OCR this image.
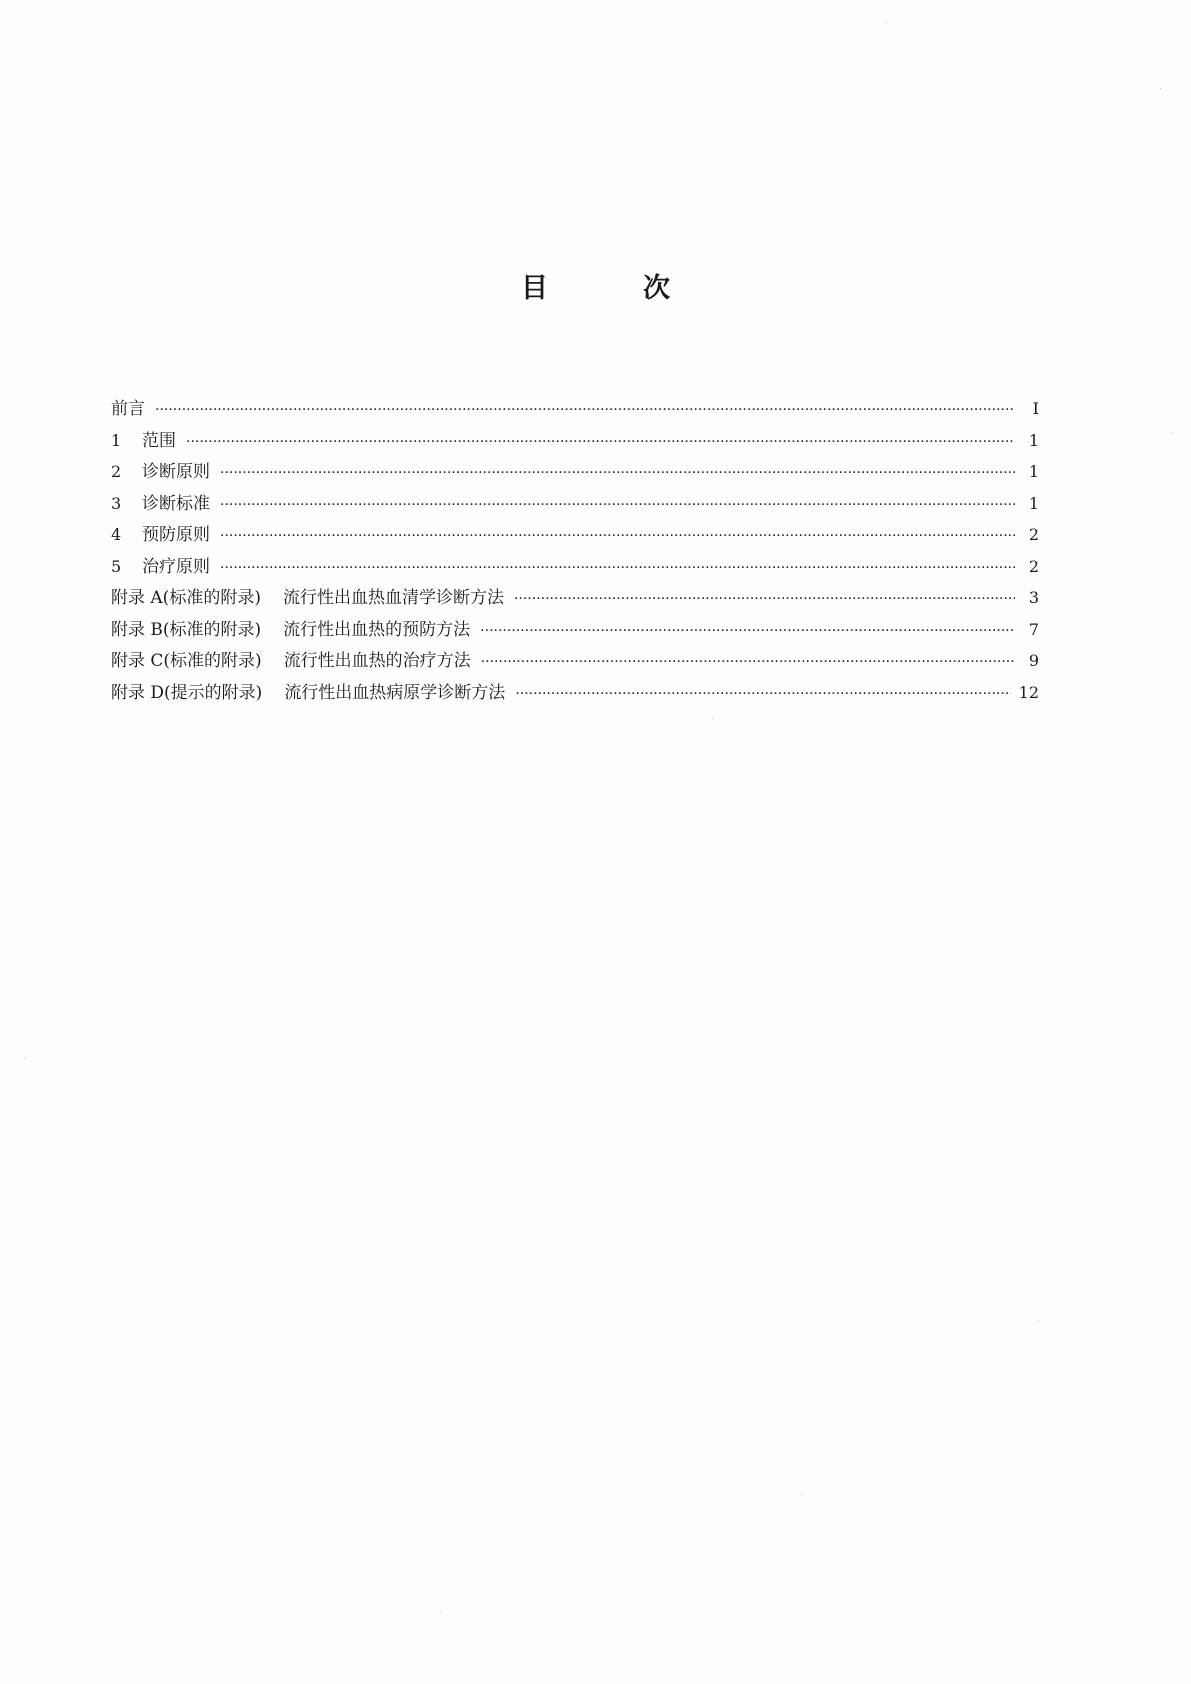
目	次
前言 ·····	I
1	范围 ·····	1
2	诊断原则 ·····	1
3	诊断标准 ·····	1
4	预防原则 ·····	2
5	治疗原则 ·····	2
附录 A(标准的附录) 流行性出血热血清学诊断方法 ·····	3
附录 B(标准的附录) 流行性出血热的预防方法 ·····	7
附录 C(标准的附录) 流行性出血热的治疗方法 ·····	9
附录 D(提示的附录) 流行性出血热病原学诊断方法 ·····	12
